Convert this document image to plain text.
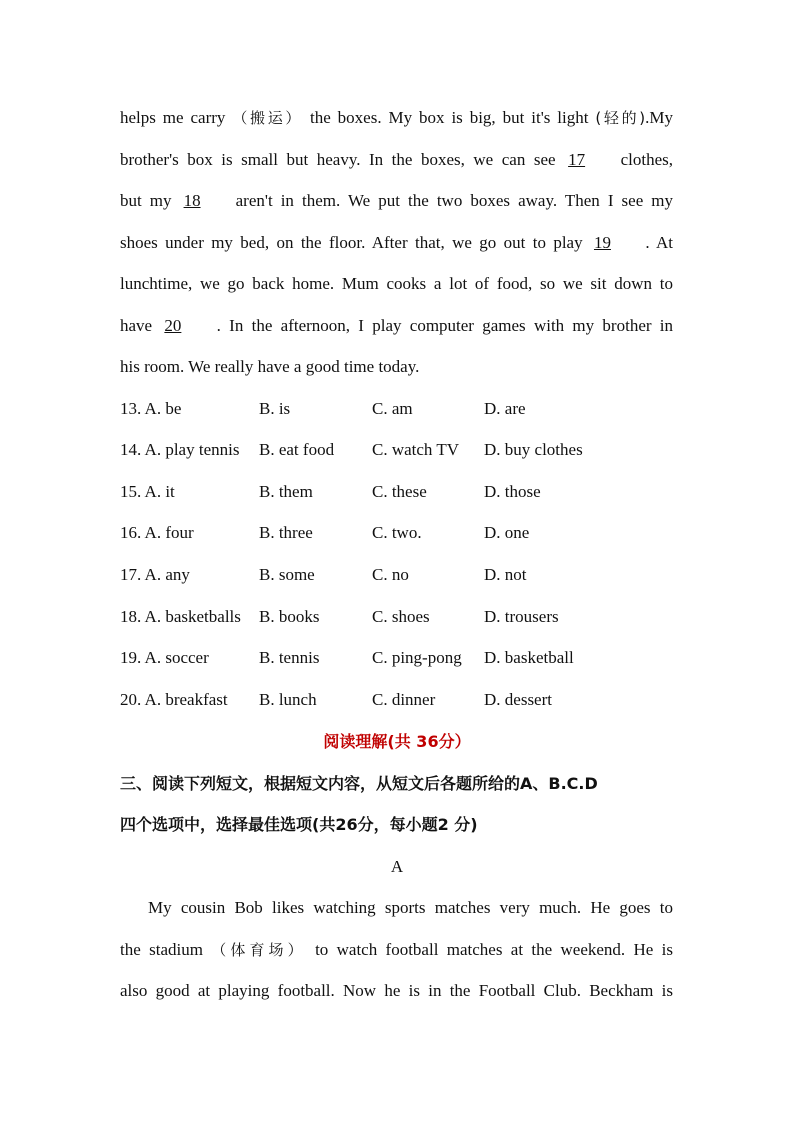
helps me carry （搬运） the boxes. My box is big, but it's light (轻的).My
brother's box is small but heavy. In the boxes, we can see 17 clothes,
but my 18 aren't in them. We put the two boxes away. Then I see my
shoes under my bed, on the floor. After that, we go out to play 19 . At
lunchtime, we go back home. Mum cooks a lot of food, so we sit down to
have 20 . In the afternoon, I play computer games with my brother in
his room. We really have a good time today.
13. A. be	B. is	C. am	D. are
14. A. play tennis B. eat food C. watch TV D. buy clothes
15. A. it	B. them	C. these	D. those
16. A. four	B. three	C. two.	D. one
17. A. any	B. some	C. no	D. not
18. A. basketballs B. books	C. shoes	D. trousers
19. A. soccer	B. tennis	C. ping-pong D. basketball
20. A. breakfast B. lunch	C. dinner	D. dessert
阅读理解(共 36分）
三、阅读下列短文，根据短文内容，从短文后各题所给的A、B.C.D
四个选项中，选择最佳选项(共26分，每小题2 分)
A
My cousin Bob likes watching sports matches very much. He goes to
the stadium （体育场） to watch football matches at the weekend. He is
also good at playing football. Now he is in the Football Club. Beckham is
